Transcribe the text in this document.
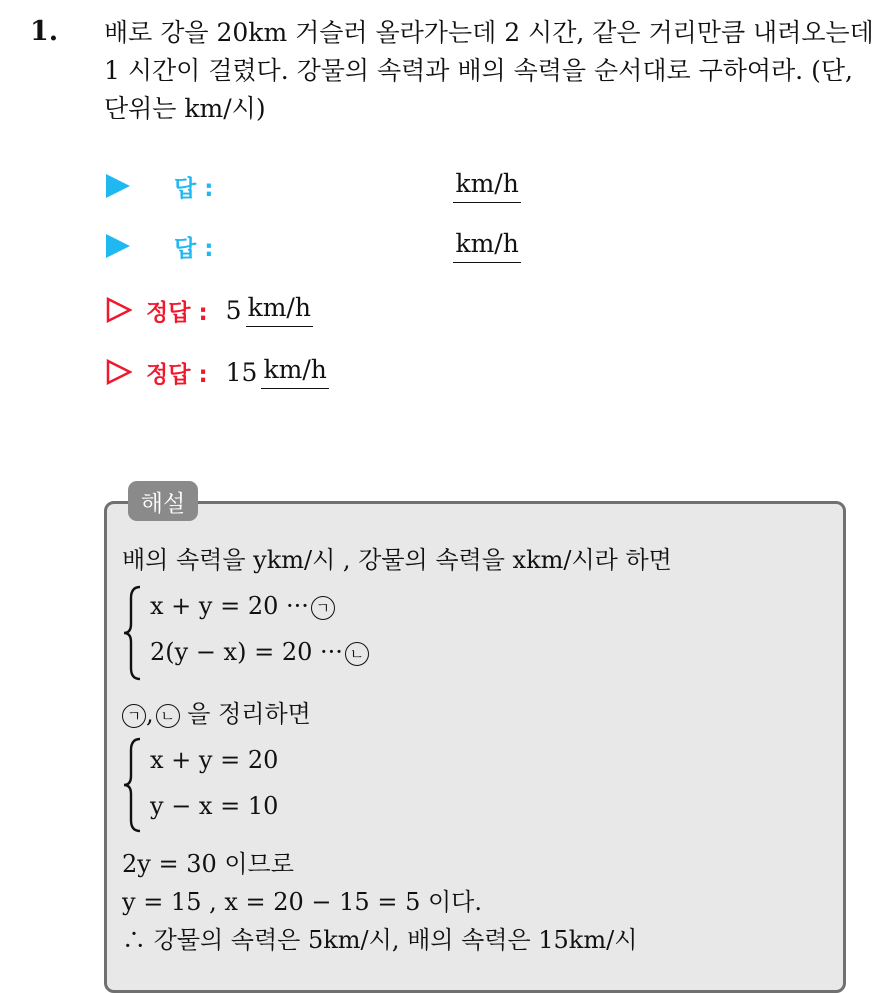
1. 배로 강을 20km 거슬러 올라가는데 2 시간, 같은 거리만큼 내려오는데
1 시간이 걸렸다. 강물의 속력과 배의 속력을 순서대로 구하여라. (단,
단위는 km/시)
답 :	km/h
답 :	km/h
정답 : 5 km/h
정답 : 15 km/h
해설
배의 속력을 ykm/시 , 강물의 속력을 xkm/시라 하면
x + y = 20 ··· ㄱ
2(y − x) = 20 ··· ㄴ
ㄱ , ㄴ 을 정리하면
x + y = 20
y − x = 10
2y = 30 이므로
y = 15 , x = 20 − 15 = 5 이다.
∴ 강물의 속력은 5km/시, 배의 속력은 15km/시
